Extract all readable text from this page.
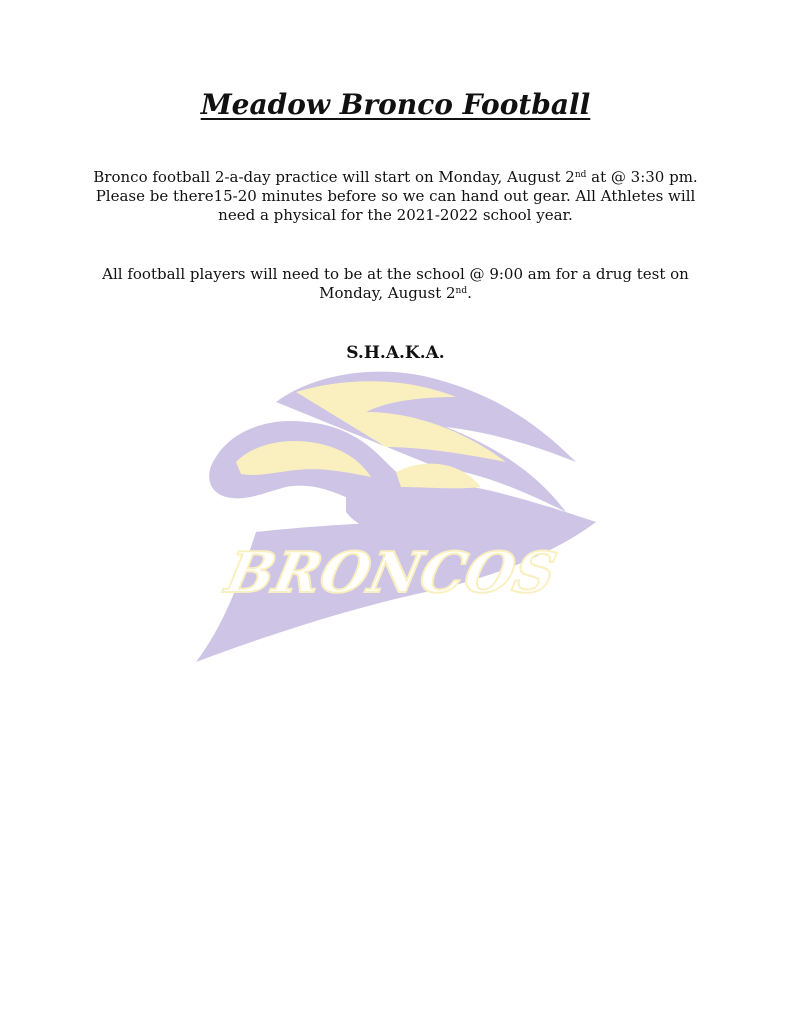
Meadow Bronco Football

Bronco football 2-a-day practice will start on Monday, August 2nd at @ 3:30 pm. Please be there15-20 minutes before so we can hand out gear. All Athletes will need a physical for the 2021-2022 school year.

All football players will need to be at the school @ 9:00 am for a drug test on Monday, August 2nd.

S.H.A.K.A.

BRONCOS
